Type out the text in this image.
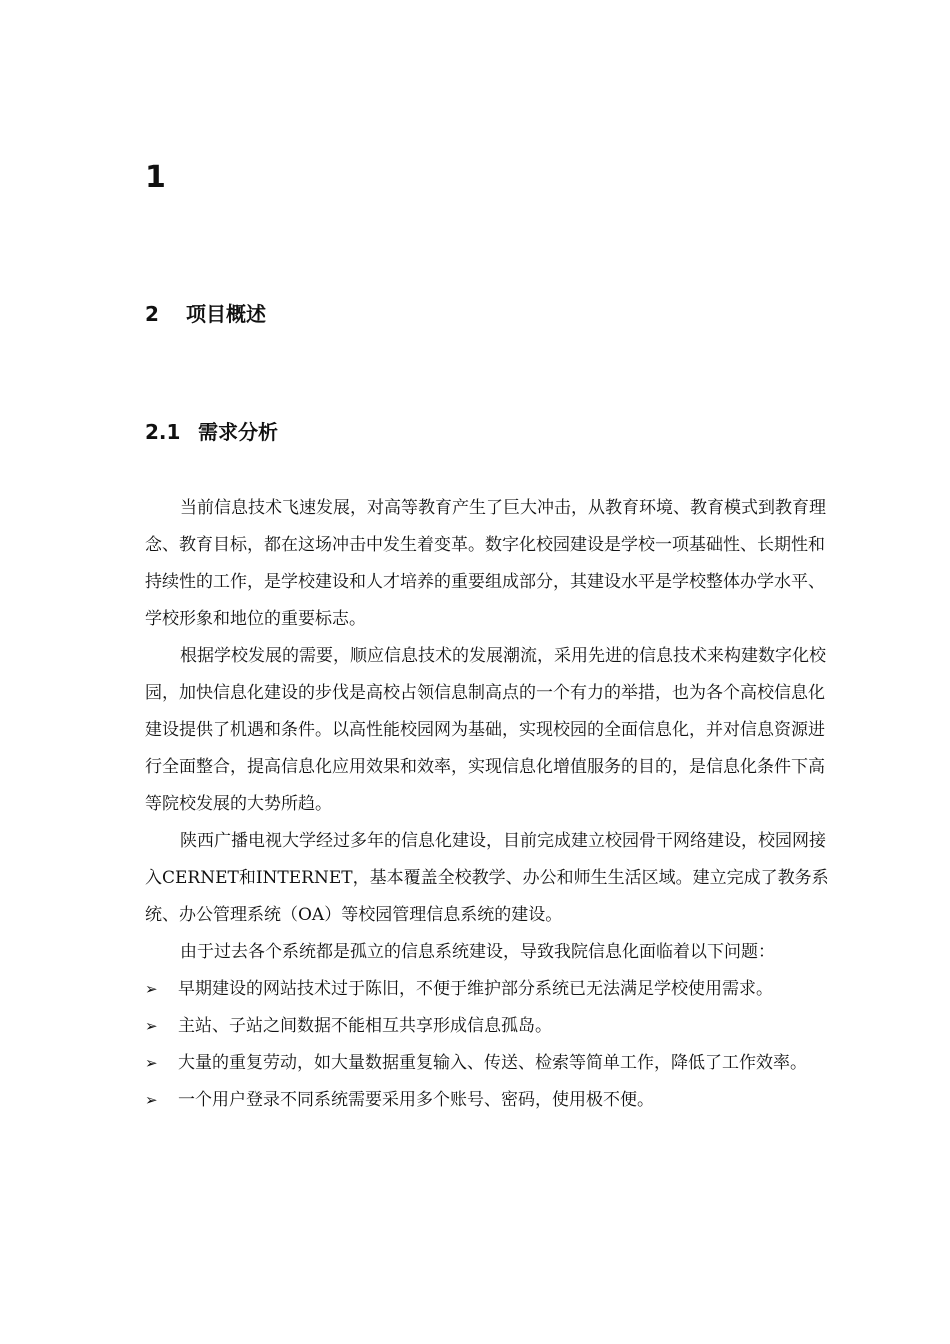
1
2 项目概述
2.1 需求分析

当前信息技术飞速发展，对高等教育产生了巨大冲击，从教育环境、教育模式到教育理念、教育目标，都在这场冲击中发生着变革。数字化校园建设是学校一项基础性、长期性和持续性的工作，是学校建设和人才培养的重要组成部分，其建设水平是学校整体办学水平、学校形象和地位的重要标志。

根据学校发展的需要，顺应信息技术的发展潮流，采用先进的信息技术来构建数字化校园，加快信息化建设的步伐是高校占领信息制高点的一个有力的举措，也为各个高校信息化建设提供了机遇和条件。以高性能校园网为基础，实现校园的全面信息化，并对信息资源进行全面整合，提高信息化应用效果和效率，实现信息化增值服务的目的，是信息化条件下高等院校发展的大势所趋。

陕西广播电视大学经过多年的信息化建设，目前完成建立校园骨干网络建设，校园网接入CERNET和INTERNET，基本覆盖全校教学、办公和师生生活区域。建立完成了教务系统、办公管理系统（OA）等校园管理信息系统的建设。

由于过去各个系统都是孤立的信息系统建设，导致我院信息化面临着以下问题：

➢ 早期建设的网站技术过于陈旧，不便于维护部分系统已无法满足学校使用需求。
➢ 主站、子站之间数据不能相互共享形成信息孤岛。
➢ 大量的重复劳动，如大量数据重复输入、传送、检索等简单工作，降低了工作效率。
➢ 一个用户登录不同系统需要采用多个账号、密码，使用极不便。
